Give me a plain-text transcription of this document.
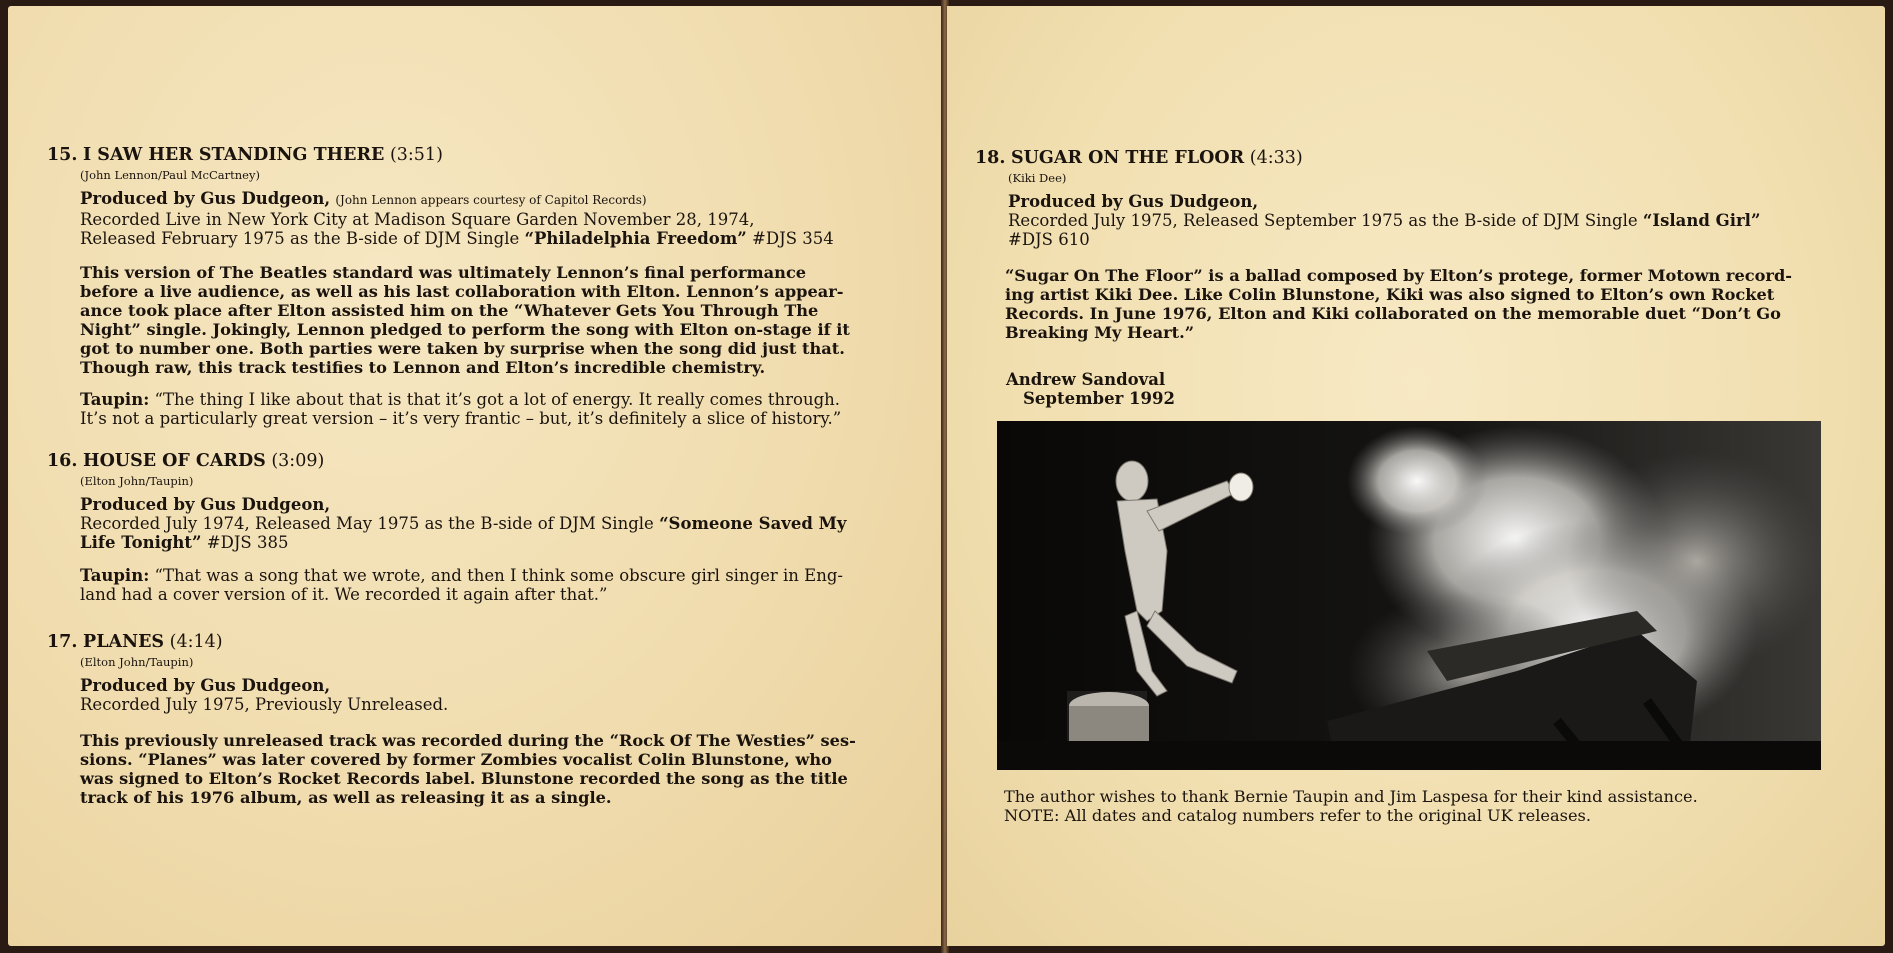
15. I SAW HER STANDING THERE (3:51)
(John Lennon/Paul McCartney)
Produced by Gus Dudgeon, (John Lennon appears courtesy of Capitol Records)
Recorded Live in New York City at Madison Square Garden November 28, 1974,
Released February 1975 as the B-side of DJM Single “Philadelphia Freedom” #DJS 354
This version of The Beatles standard was ultimately Lennon’s final performance
before a live audience, as well as his last collaboration with Elton. Lennon’s appear-
ance took place after Elton assisted him on the “Whatever Gets You Through The
Night” single. Jokingly, Lennon pledged to perform the song with Elton on-stage if it
got to number one. Both parties were taken by surprise when the song did just that.
Though raw, this track testifies to Lennon and Elton’s incredible chemistry.
Taupin: “The thing I like about that is that it’s got a lot of energy. It really comes through.
It’s not a particularly great version – it’s very frantic – but, it’s definitely a slice of history.”
16. HOUSE OF CARDS (3:09)
(Elton John/Taupin)
Produced by Gus Dudgeon,
Recorded July 1974, Released May 1975 as the B-side of DJM Single “Someone Saved My
Life Tonight” #DJS 385
Taupin: “That was a song that we wrote, and then I think some obscure girl singer in Eng-
land had a cover version of it. We recorded it again after that.”
17. PLANES (4:14)
(Elton John/Taupin)
Produced by Gus Dudgeon,
Recorded July 1975, Previously Unreleased.
This previously unreleased track was recorded during the “Rock Of The Westies” ses-
sions. “Planes” was later covered by former Zombies vocalist Colin Blunstone, who
was signed to Elton’s Rocket Records label. Blunstone recorded the song as the title
track of his 1976 album, as well as releasing it as a single.
18. SUGAR ON THE FLOOR (4:33)
(Kiki Dee)
Produced by Gus Dudgeon,
Recorded July 1975, Released September 1975 as the B-side of DJM Single “Island Girl”
#DJS 610
“Sugar On The Floor” is a ballad composed by Elton’s protege, former Motown record-
ing artist Kiki Dee. Like Colin Blunstone, Kiki was also signed to Elton’s own Rocket
Records. In June 1976, Elton and Kiki collaborated on the memorable duet “Don’t Go
Breaking My Heart.”
Andrew Sandoval
September 1992
The author wishes to thank Bernie Taupin and Jim Laspesa for their kind assistance.
NOTE: All dates and catalog numbers refer to the original UK releases.
